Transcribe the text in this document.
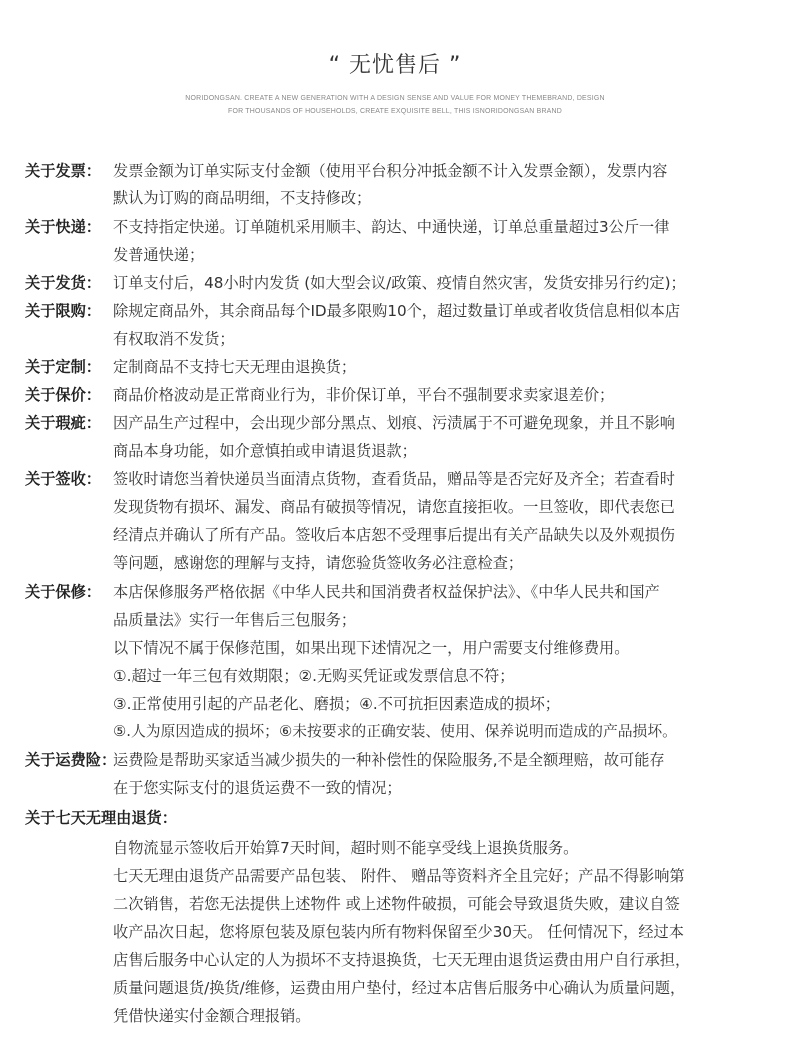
“ 无忧售后 ”
NORIDONGSAN. CREATE A NEW GENERATION WITH A DESIGN SENSE AND VALUE FOR MONEY THEMEBRAND, DESIGN
FOR THOUSANDS OF HOUSEHOLDS, CREATE EXQUISITE BELL, THIS ISNORIDONGSAN BRAND
关于发票： 发票金额为订单实际支付金额（使用平台积分冲抵金额不计入发票金额），发票内容
默认为订购的商品明细，不支持修改；
关于快递： 不支持指定快递。订单随机采用顺丰、韵达、中通快递，订单总重量超过3公斤一律
发普通快递；
关于发货： 订单支付后，48小时内发货 (如大型会议/政策、疫情自然灾害，发货安排另行约定)；
关于限购： 除规定商品外，其余商品每个ID最多限购10个，超过数量订单或者收货信息相似本店
有权取消不发货；
关于定制： 定制商品不支持七天无理由退换货；
关于保价： 商品价格波动是正常商业行为，非价保订单，平台不强制要求卖家退差价；
关于瑕疵： 因产品生产过程中，会出现少部分黑点、划痕、污渍属于不可避免现象，并且不影响
商品本身功能，如介意慎拍或申请退货退款；
关于签收： 签收时请您当着快递员当面清点货物，查看货品，赠品等是否完好及齐全；若查看时
发现货物有损坏、漏发、商品有破损等情况，请您直接拒收。一旦签收，即代表您已
经清点并确认了所有产品。签收后本店恕不受理事后提出有关产品缺失以及外观损伤
等问题，感谢您的理解与支持，请您验货签收务必注意检查；
关于保修： 本店保修服务严格依据《中华人民共和国消费者权益保护法》、《中华人民共和国产
品质量法》实行一年售后三包服务；
以下情况不属于保修范围，如果出现下述情况之一，用户需要支付维修费用。
①.超过一年三包有效期限；②.无购买凭证或发票信息不符；
③.正常使用引起的产品老化、磨损；④.不可抗拒因素造成的损坏；
⑤.人为原因造成的损坏；⑥未按要求的正确安装、使用、保养说明而造成的产品损坏。
关于运费险：
运费险是帮助买家适当减少损失的一种补偿性的保险服务,不是全额理赔，故可能存
在于您实际支付的退货运费不一致的情况；
关于七天无理由退货：
自物流显示签收后开始算7天时间，超时则不能享受线上退换货服务。
七天无理由退货产品需要产品包装、 附件、 赠品等资料齐全且完好；产品不得影响第
二次销售，若您无法提供上述物件 或上述物件破损，可能会导致退货失败，建议自签
收产品次日起，您将原包装及原包装内所有物料保留至少30天。 任何情况下，经过本
店售后服务中心认定的人为损坏不支持退换货，七天无理由退货运费由用户自行承担，
质量问题退货/换货/维修，运费由用户垫付，经过本店售后服务中心确认为质量问题，
凭借快递实付金额合理报销。
